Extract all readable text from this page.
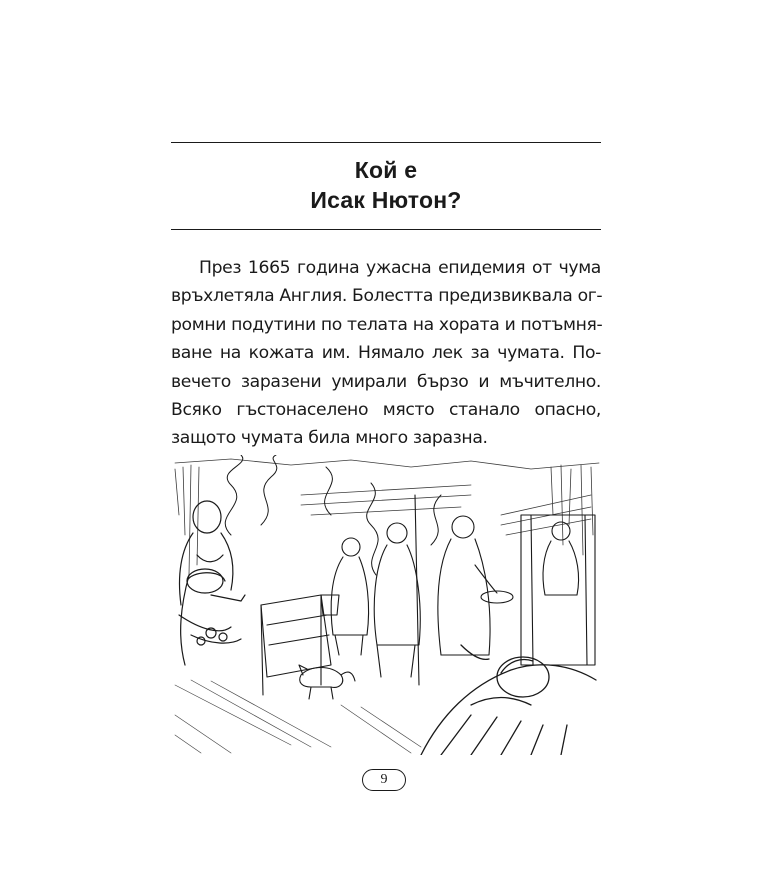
Кой е
Исак Нютон?
През 1665 година ужасна епидемия от чума
връхлетяла Англия. Болестта предизвиквала ог-
ромни подутини по телата на хората и потъмня-
ване на кожата им. Нямало лек за чумата. По-
вечето заразени умирали бързо и мъчително.
Всяко гъстонаселено място станало опасно,
защото чумата била много заразна.
9
